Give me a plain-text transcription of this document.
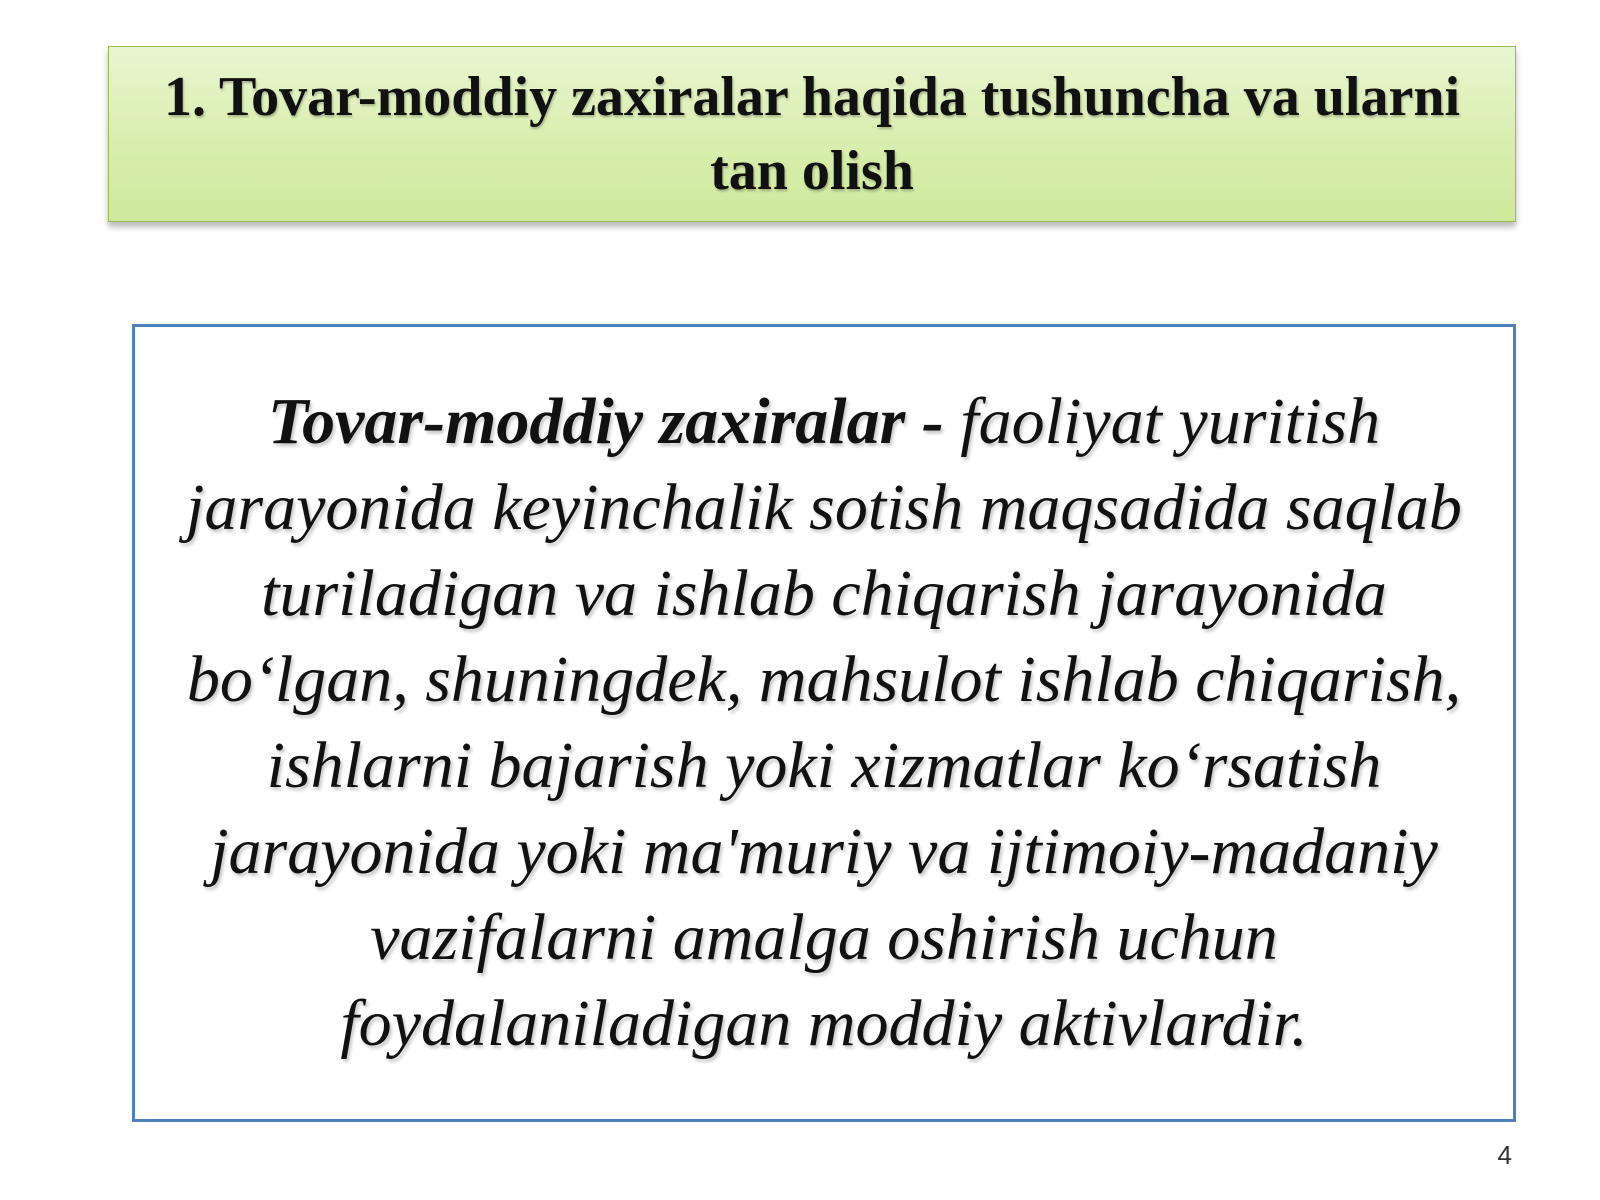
1. Tovar-moddiy zaxiralar haqida tushuncha va ularni tan olish
Tovar-moddiy zaxiralar - faoliyat yuritish jarayonida keyinchalik sotish maqsadida saqlab turiladigan va ishlab chiqarish jarayonida bo‘lgan, shuningdek, mahsulot ishlab chiqarish, ishlarni bajarish yoki xizmatlar ko‘rsatish jarayonida yoki ma'muriy va ijtimoiy-madaniy vazifalarni amalga oshirish uchun foydalaniladigan moddiy aktivlardir.
4
